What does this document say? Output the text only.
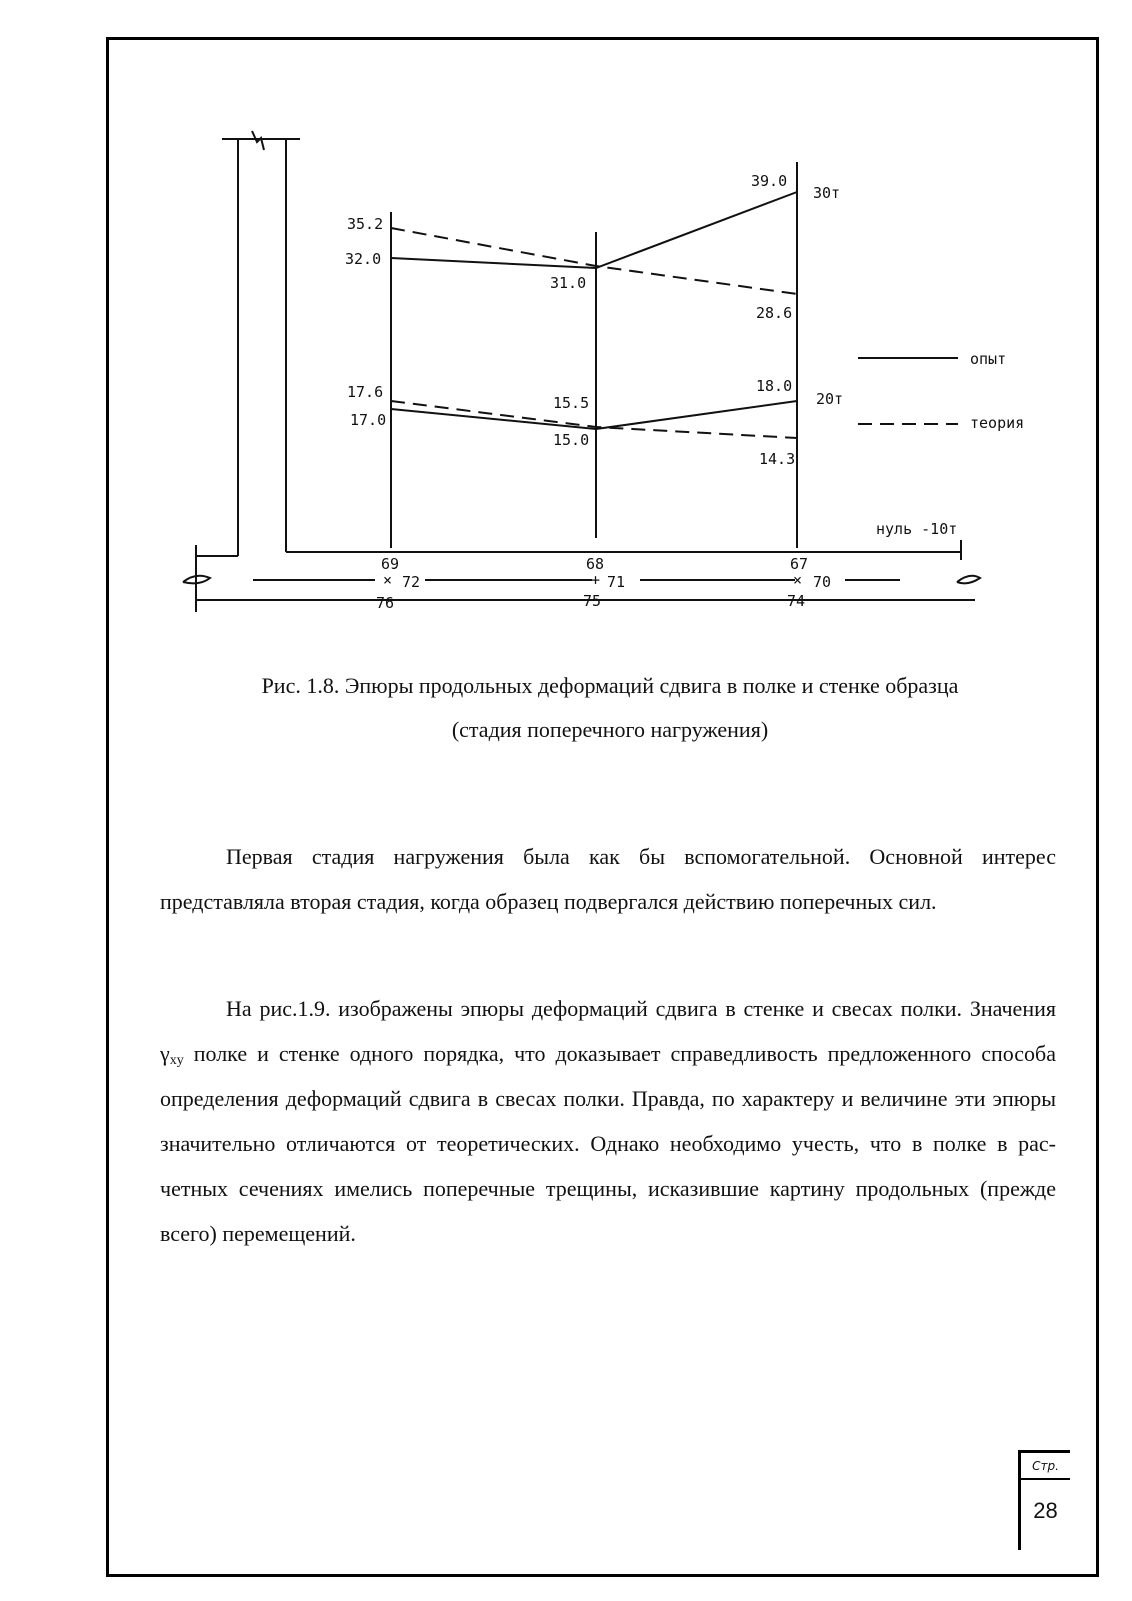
35.2
32.0
31.0
39.0
30т
28.6
17.6
17.0
15.5
15.0
18.0
20т
14.3
опыт
теория
нуль -10т
69	68	67
× 72	+ 71	× 70
76	75	74
Рис. 1.8. Эпюры продольных деформаций сдвига в полке и стенке образца
(стадия поперечного нагружения)
Первая стадия нагружения была как бы вспомогательной. Основной интерес представляла вторая стадия, когда образец подвергался действию поперечных сил.
На рис.1.9. изображены эпюры деформаций сдвига в стенке и свесах полки. Значения $\gamma_{xy}$ полке и стенке одного порядка, что доказывает справедливость предложенного способа определения деформаций сдвига в свесах полки. Правда, по характеру и величине эти эпюры значительно отличаются от теоретических. Однако необходимо учесть, что в полке в рас-четных сечениях имелись поперечные трещины, исказившие картину продольных (прежде всего) перемещений.
Стр.
28
